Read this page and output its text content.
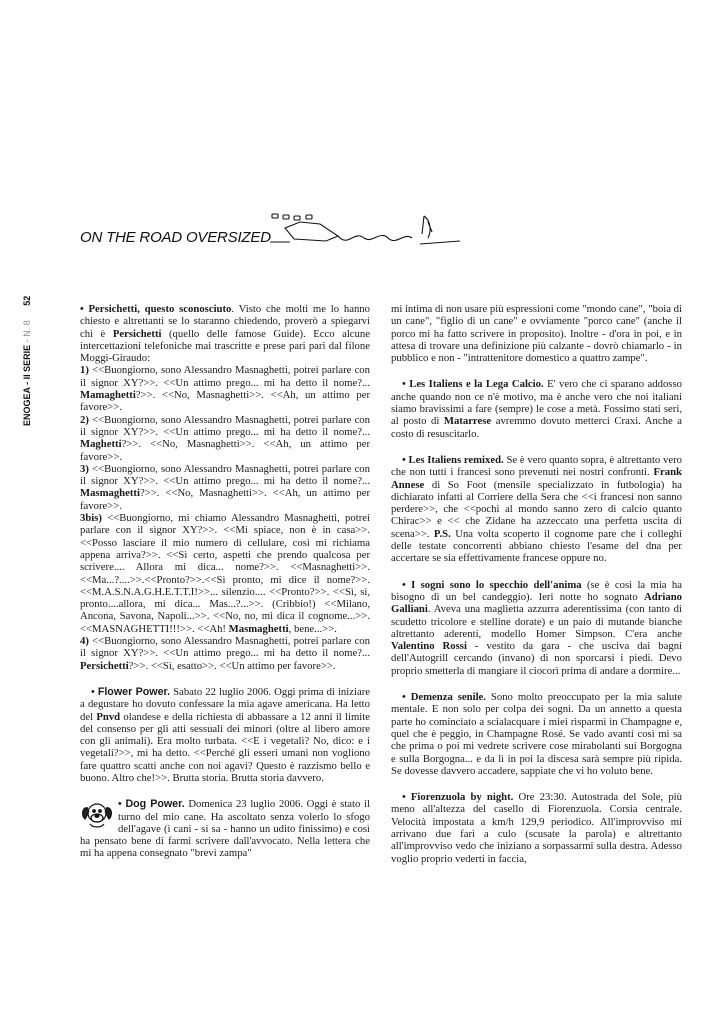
ON THE ROAD OVERSIZED
ENOGEA - II SERIE - N. 8 52

• Persichetti, questo sconosciuto. Visto che molti me lo hanno chiesto e altrettanti se lo staranno chiedendo, proverò a spiegarvi chi è Persichetti (quello delle famose Guide). Ecco alcune intercettazioni telefoniche mai trascritte e prese pari pari dal filone Moggi-Giraudo:

1) <<Buongiorno, sono Alessandro Masnaghetti, potrei parlare con il signor XY?>>. <<Un attimo prego... mi ha detto il nome?... Mamaghetti?>>. <<No, Masnaghetti>>. <<Ah, un attimo per favore>>.

2) <<Buongiorno, sono Alessandro Masnaghetti, potrei parlare con il signor XY?>>. <<Un attimo prego... mi ha detto il nome?... Maghetti?>>. <<No, Masnaghetti>>. <<Ah, un attimo per favore>>.

3) <<Buongiorno, sono Alessandro Masnaghetti, potrei parlare con il signor XY?>>. <<Un attimo prego... mi ha detto il nome?... Masmaghetti?>>. <<No, Masnaghetti>>. <<Ah, un attimo per favore>>.

3bis) <<Buongiorno, mi chiamo Alessandro Masnaghetti, potrei parlare con il signor XY?>>. <<Mi spiace, non è in casa>>. <<Posso lasciare il mio numero di cellulare, così mi richiama appena arriva?>>. <<Sì certo, aspetti che prendo qualcosa per scrivere.... Allora mi dica... nome?>>. <<Masnaghetti>>.<<Ma...?....>>.<<Pronto?>>.<<Sì pronto, mi dice il nome?>>.<<M.A.S.N.A.G.H.E.T.T.I!>>... silenzio.... <<Pronto?>>. <<Sì, sì, pronto....allora, mi dica... Mas...?...>>. (Cribbio!) <<Milano, Ancona, Savona, Napoli...>>. <<No, no, mi dica il cognome...>>. <<MASNAGHETTI!!!>>. <<Ah! Masmaghetti, bene...>>.

4) <<Buongiorno, sono Alessandro Masnaghetti, potrei parlare con il signor XY?>>. <<Un attimo prego... mi ha detto il nome?... Persichetti?>>. <<Sì, esatto>>. <<Un attimo per favore>>.

• Flower Power. Sabato 22 luglio 2006. Oggi prima di iniziare a degustare ho dovuto confessare la mia agave americana. Ha letto del Pnvd olandese e della richiesta di abbassare a 12 anni il limite del consenso per gli atti sessuali dei minori (oltre al libero amore con gli animali). Era molto turbata. <<E i vegetali? No, dico: e i vegetali?>>, mi ha detto. <<Perché gli esseri umani non vogliono fare quattro scatti anche con noi agavi? Questo è razzismo bello e buono. Altro che!>>. Brutta storia. Brutta storia davvero.

• Dog Power. Domenica 23 luglio 2006. Oggi è stato il turno del mio cane. Ha ascoltato senza volerlo lo sfogo dell'agave (i cani - si sa - hanno un udito finissimo) e così ha pensato bene di farmi scrivere dall'avvocato. Nella lettera che mi ha appena consegnato "brevi zampa"

mi intima di non usare più espressioni come "mondo cane", "boia di un cane", "figlio di un cane" e ovviamente "porco cane" (anche il porco mi ha fatto scrivere in proposito). Inoltre - d'ora in poi, e in attesa di trovare una definizione più calzante - dovrò chiamarlo - in pubblico e non - "intrattenitore domestico a quattro zampe".

• Les Italiens e la Lega Calcio. E' vero che ci sparano addosso anche quando non ce n'è motivo, ma è anche vero che noi italiani siamo bravissimi a fare (sempre) le cose a metà. Fossimo stati seri, al posto di Matarrese avremmo dovuto metterci Craxi. Anche a costo di resuscitarlo.

• Les Italiens remixed. Se è vero quanto sopra, è altrettanto vero che non tutti i francesi sono prevenuti nei nostri confronti. Frank Annese di So Foot (mensile specializzato in futbologia) ha dichiarato infatti al Corriere della Sera che <<i francesi non sanno perdere>>, che <<pochi al mondo sanno zero di calcio quanto Chirac>> e << che Zidane ha azzeccato una perfetta uscita di scena>>. P.S. Una volta scoperto il cognome pare che i colleghi delle testate concorrenti abbiano chiesto l'esame del dna per accertare se sia effettivamente francese oppure no.

• I sogni sono lo specchio dell'anima (se è così la mia ha bisogno di un bel candeggio). Ieri notte ho sognato Adriano Galliani. Aveva una maglietta azzurra aderentissima (con tanto di scudetto tricolore e stelline dorate) e un paio di mutande bianche altrettanto aderenti, modello Homer Simpson. C'era anche Valentino Rossi - vestito da gara - che usciva dai bagni dell'Autogrill cercando (invano) di non sporcarsi i piedi. Devo proprio smetterla di mangiare il ciocorì prima di andare a dormire...

• Demenza senile. Sono molto preoccupato per la mia salute mentale. E non solo per colpa dei sogni. Da un annetto a questa parte ho cominciato a scialacquare i miei risparmi in Champagne e, quel che è peggio, in Champagne Rosé. Se vado avanti così mi sa che prima o poi mi vedrete scrivere cose mirabolanti sui Borgogna e sulla Borgogna... e da lì in poi la discesa sarà sempre più ripida. Se dovesse davvero accadere, sappiate che vi ho voluto bene.

• Fiorenzuola by night. Ore 23:30. Autostrada del Sole, più meno all'altezza del casello di Fiorenzuola. Corsia centrale. Velocità impostata a km/h 129,9 periodico. All'improvviso mi arrivano due fari a culo (scusate la parola) e altrettanto all'improvviso vedo che iniziano a sorpassarmi sulla destra. Adesso voglio proprio vederti in faccia,
